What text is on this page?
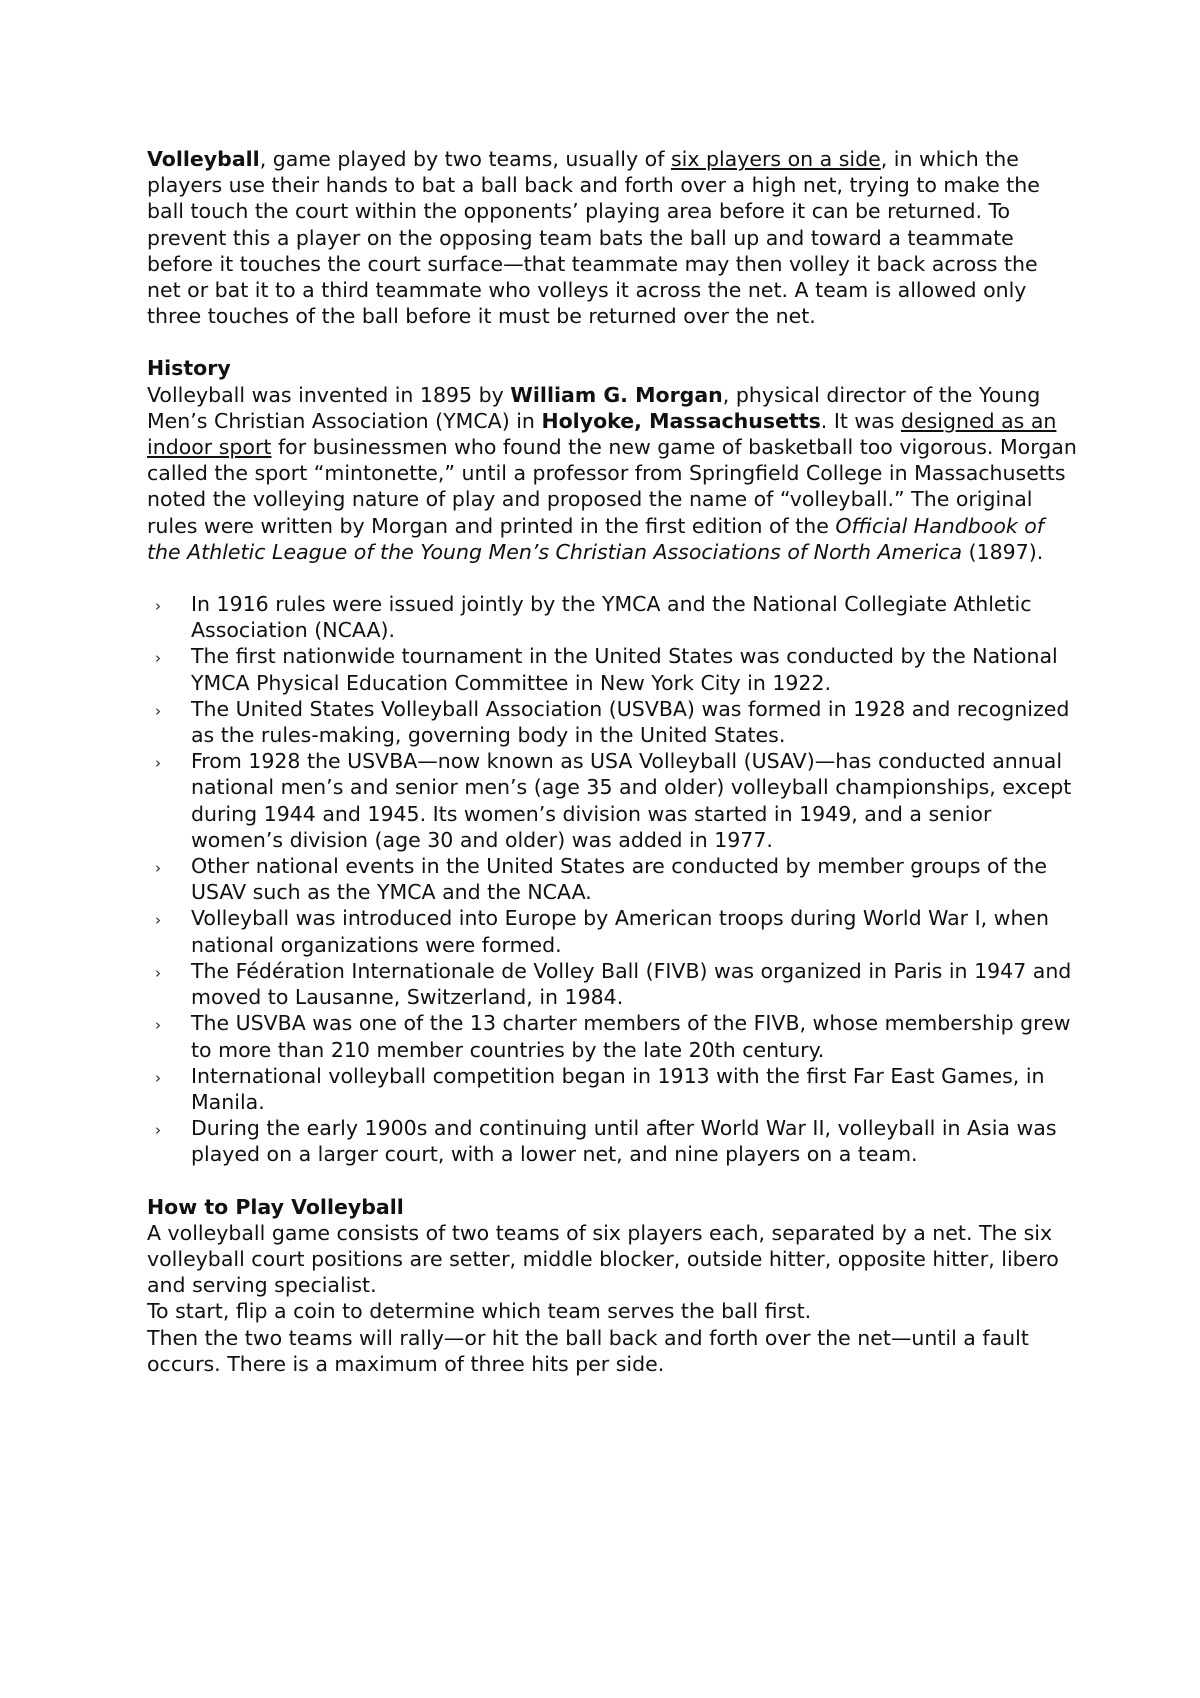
Volleyball, game played by two teams, usually of six players on a side, in which the players use their hands to bat a ball back and forth over a high net, trying to make the ball touch the court within the opponents’ playing area before it can be returned. To prevent this a player on the opposing team bats the ball up and toward a teammate before it touches the court surface—that teammate may then volley it back across the net or bat it to a third teammate who volleys it across the net. A team is allowed only three touches of the ball before it must be returned over the net.

History

Volleyball was invented in 1895 by William G. Morgan, physical director of the Young Men’s Christian Association (YMCA) in Holyoke, Massachusetts. It was designed as an indoor sport for businessmen who found the new game of basketball too vigorous. Morgan called the sport “mintonette,” until a professor from Springfield College in Massachusetts noted the volleying nature of play and proposed the name of “volleyball.” The original rules were written by Morgan and printed in the first edition of the Official Handbook of the Athletic League of the Young Men’s Christian Associations of North America (1897).

› In 1916 rules were issued jointly by the YMCA and the National Collegiate Athletic Association (NCAA).
› The first nationwide tournament in the United States was conducted by the National YMCA Physical Education Committee in New York City in 1922.
› The United States Volleyball Association (USVBA) was formed in 1928 and recognized as the rules-making, governing body in the United States.
› From 1928 the USVBA—now known as USA Volleyball (USAV)—has conducted annual national men’s and senior men’s (age 35 and older) volleyball championships, except during 1944 and 1945. Its women’s division was started in 1949, and a senior women’s division (age 30 and older) was added in 1977.
› Other national events in the United States are conducted by member groups of the USAV such as the YMCA and the NCAA.
› Volleyball was introduced into Europe by American troops during World War I, when national organizations were formed.
› The Fédération Internationale de Volley Ball (FIVB) was organized in Paris in 1947 and moved to Lausanne, Switzerland, in 1984.
› The USVBA was one of the 13 charter members of the FIVB, whose membership grew to more than 210 member countries by the late 20th century.
› International volleyball competition began in 1913 with the first Far East Games, in Manila.
› During the early 1900s and continuing until after World War II, volleyball in Asia was played on a larger court, with a lower net, and nine players on a team.

How to Play Volleyball

A volleyball game consists of two teams of six players each, separated by a net. The six volleyball court positions are setter, middle blocker, outside hitter, opposite hitter, libero and serving specialist.

To start, flip a coin to determine which team serves the ball first.

Then the two teams will rally—or hit the ball back and forth over the net—until a fault occurs. There is a maximum of three hits per side.
